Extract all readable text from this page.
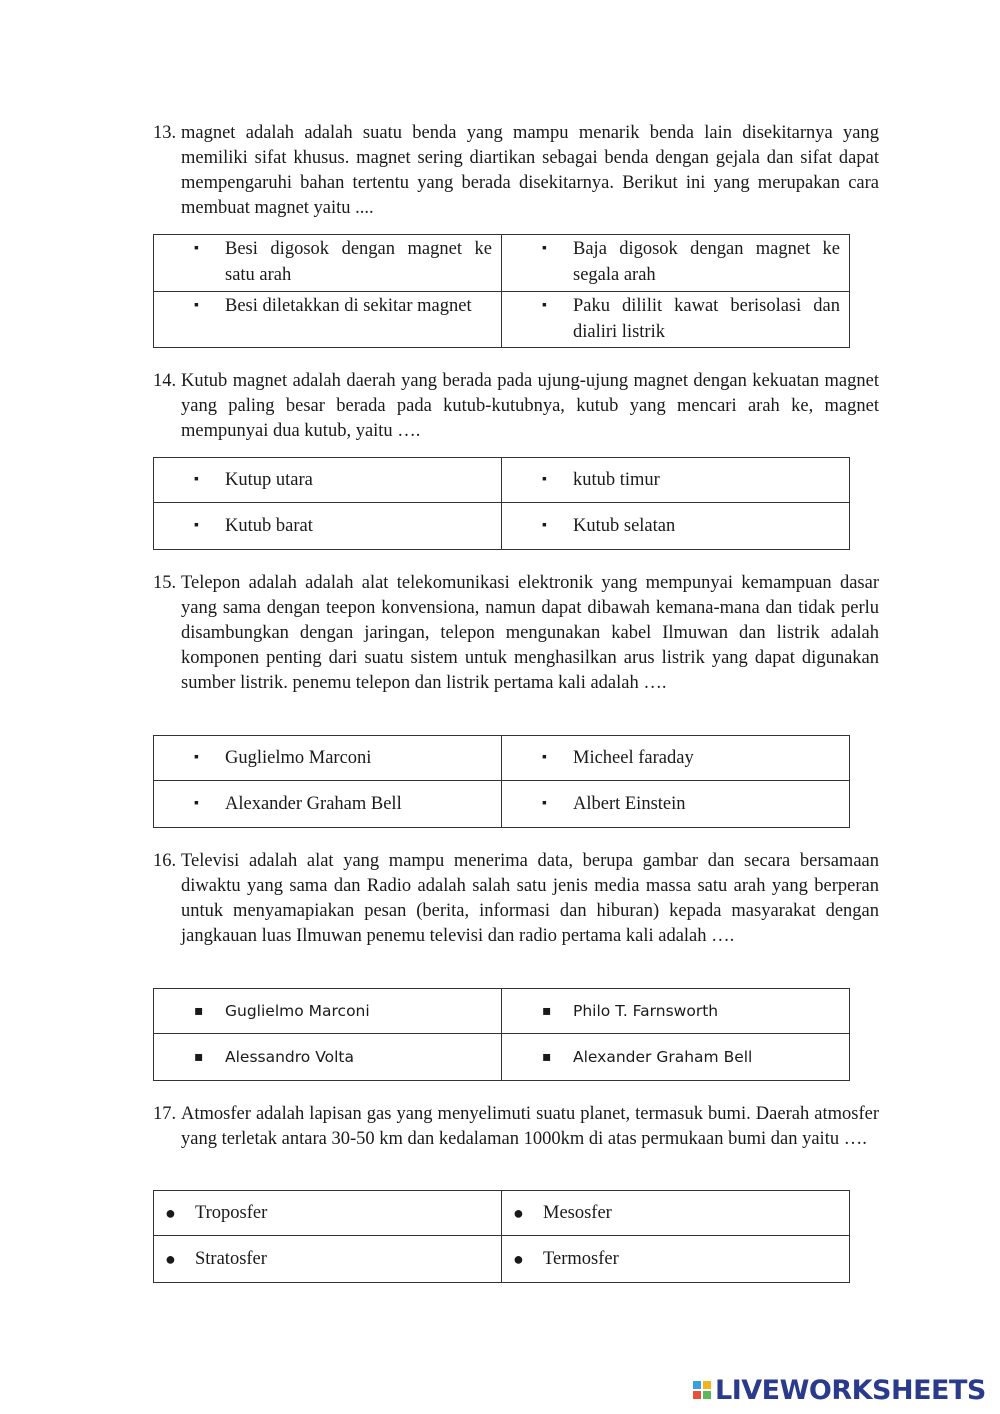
13. magnet adalah adalah suatu benda yang mampu menarik benda lain disekitarnya yang memiliki sifat khusus. magnet sering diartikan sebagai benda dengan gejala dan sifat dapat mempengaruhi bahan tertentu yang berada disekitarnya. Berikut ini yang merupakan cara membuat magnet yaitu ....
▪ Besi digosok dengan magnet ke satu arah	▪ Baja digosok dengan magnet ke segala arah

▪ Besi diletakkan di sekitar magnet	▪ Paku dililit kawat berisolasi dan dialiri listrik
14. Kutub magnet adalah daerah yang berada pada ujung-ujung magnet dengan kekuatan magnet yang paling besar berada pada kutub-kutubnya, kutub yang mencari arah ke, magnet mempunyai dua kutub, yaitu ….
▪ Kutup utara	▪ kutub timur

▪ Kutub barat	▪ Kutub selatan
15. Telepon adalah adalah alat telekomunikasi elektronik yang mempunyai kemampuan dasar yang sama dengan teepon konvensiona, namun dapat dibawah kemana-mana dan tidak perlu disambungkan dengan jaringan, telepon mengunakan kabel Ilmuwan dan listrik adalah komponen penting dari suatu sistem untuk menghasilkan arus listrik yang dapat digunakan sumber listrik. penemu telepon dan listrik pertama kali adalah ….
▪ Guglielmo Marconi	▪ Micheel faraday

▪ Alexander Graham Bell	▪ Albert Einstein
16. Televisi adalah alat yang mampu menerima data, berupa gambar dan secara bersamaan diwaktu yang sama dan Radio adalah salah satu jenis media massa satu arah yang berperan untuk menyamapiakan pesan (berita, informasi dan hiburan) kepada masyarakat dengan jangkauan luas Ilmuwan penemu televisi dan radio pertama kali adalah ….
▪ Guglielmo Marconi	▪ Philo T. Farnsworth

▪ Alessandro Volta	▪ Alexander Graham Bell
17. Atmosfer adalah lapisan gas yang menyelimuti suatu planet, termasuk bumi. Daerah atmosfer yang terletak antara 30-50 km dan kedalaman 1000km di atas permukaan bumi dan yaitu ….
● Troposfer	● Mesosfer

● Stratosfer	● Termosfer
LIVEWORKSHEETS
